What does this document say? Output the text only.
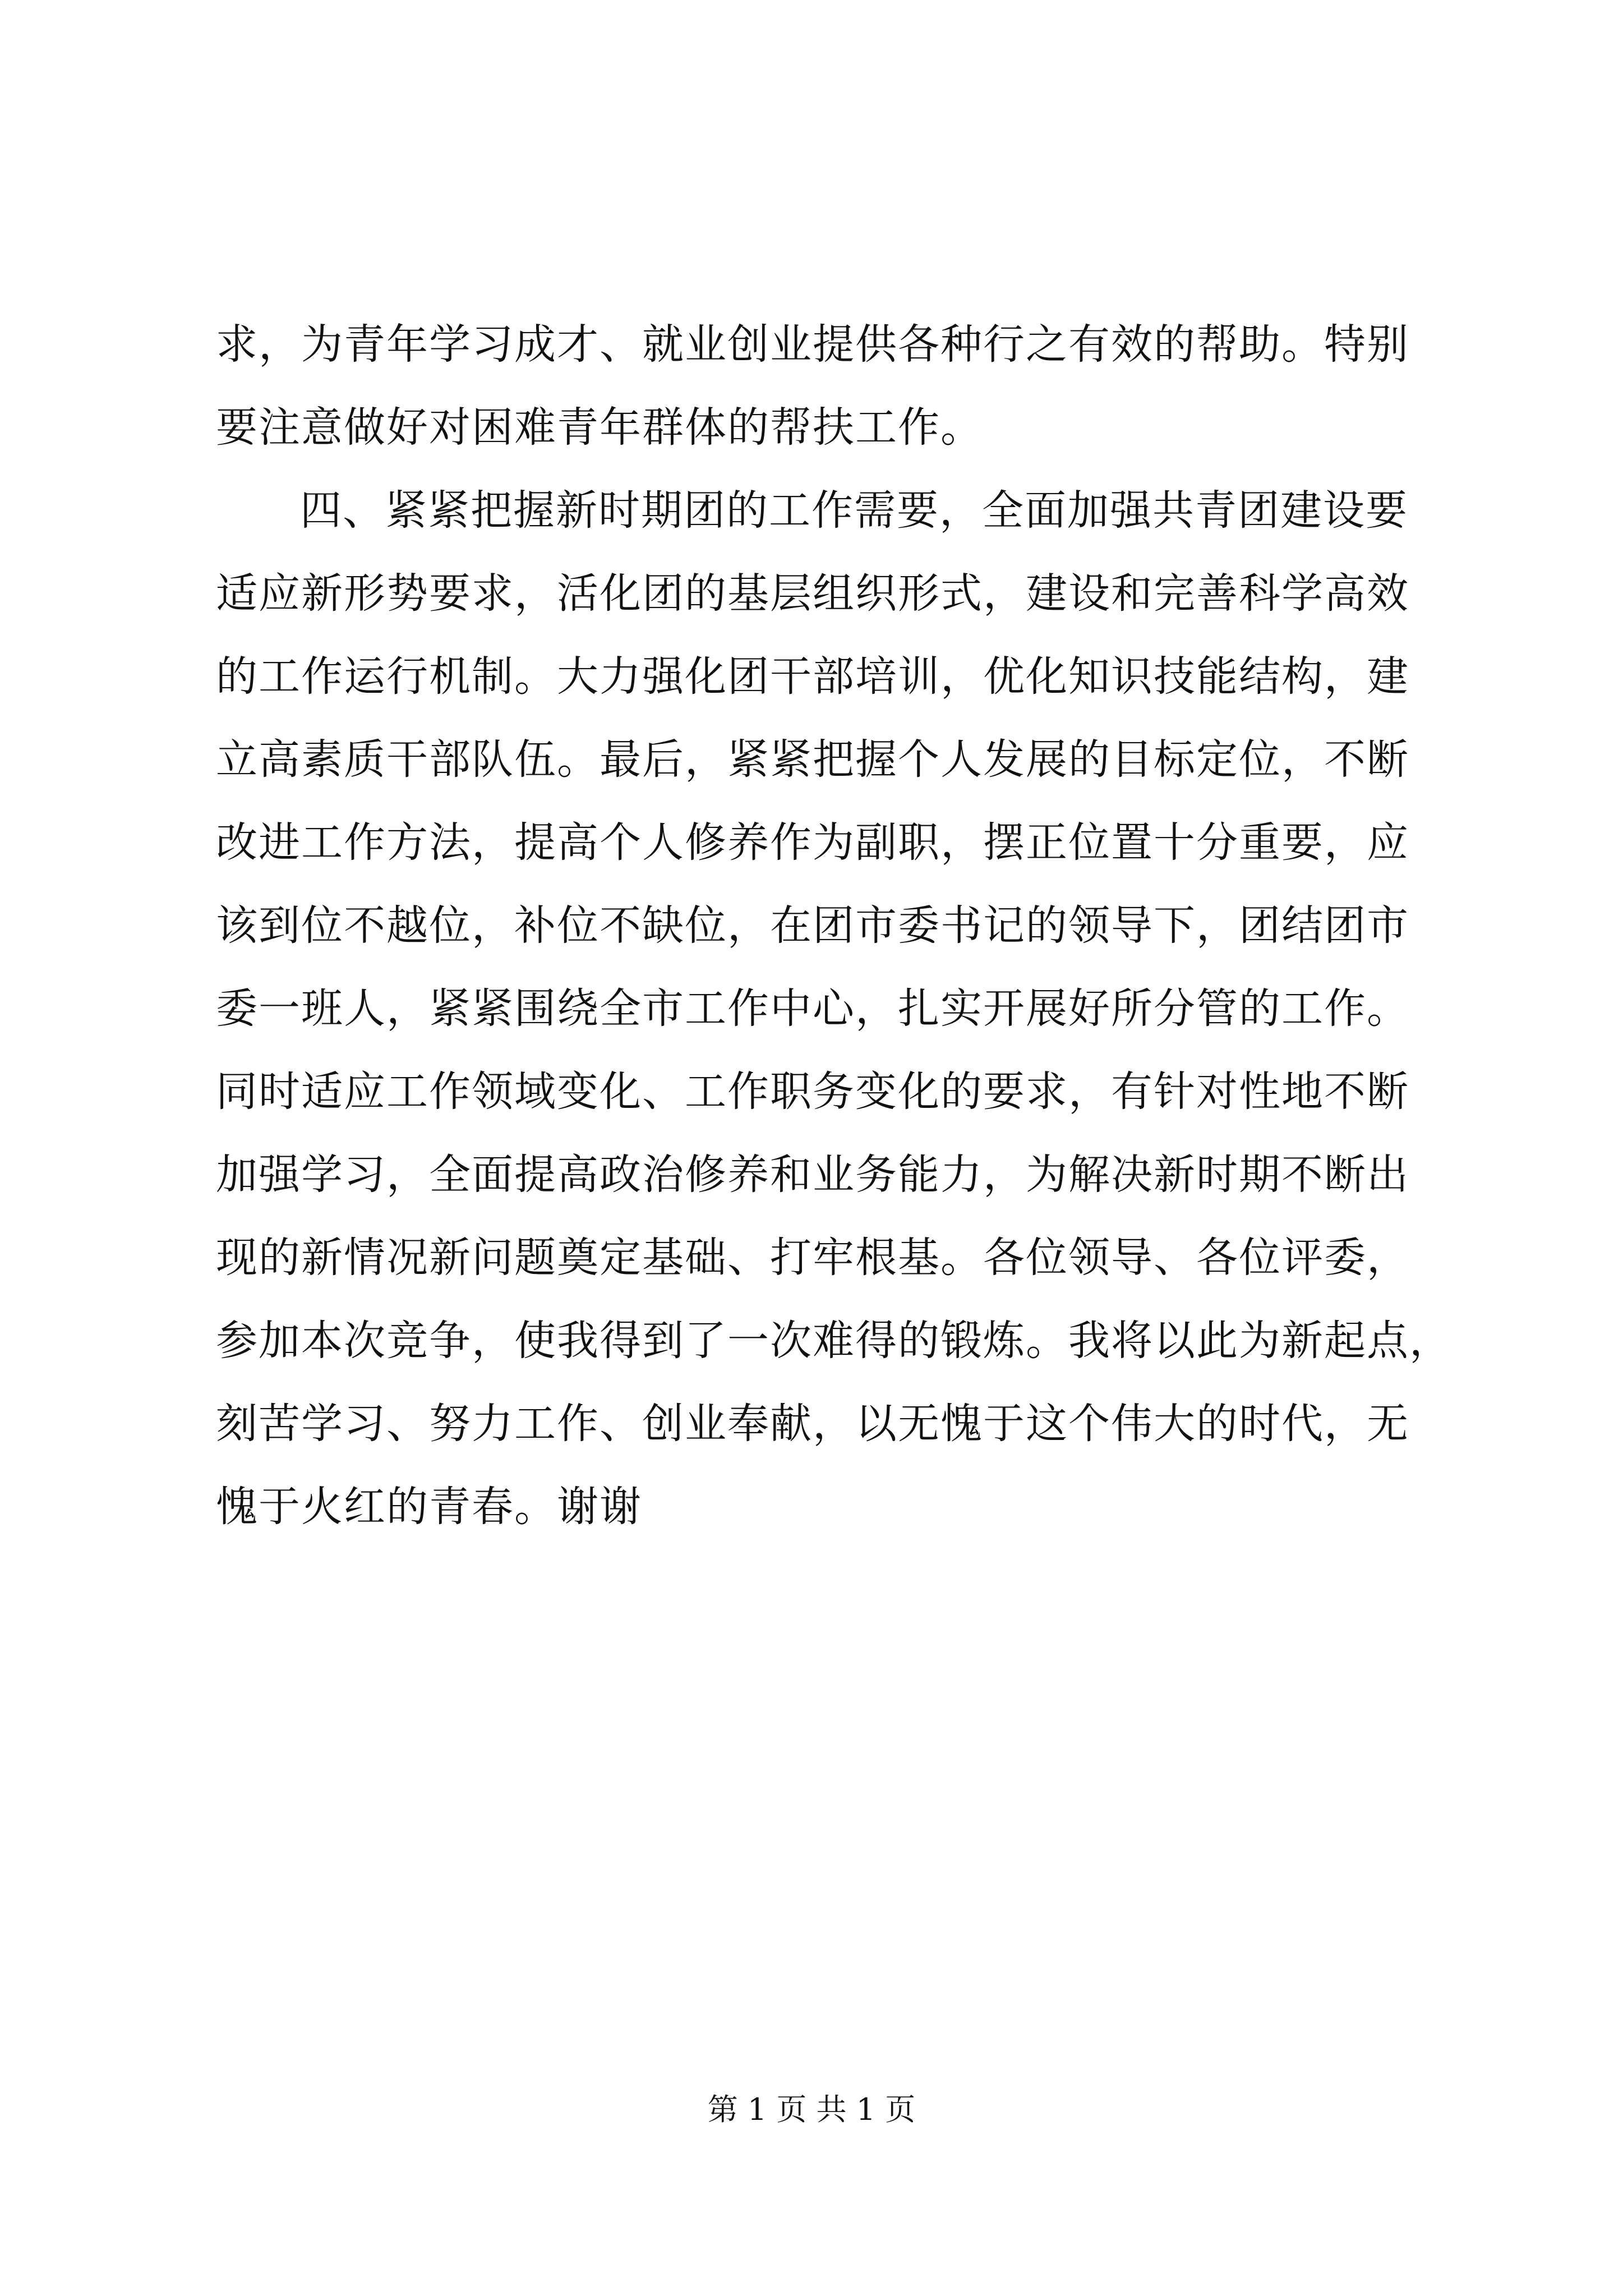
求，为青年学习成才、就业创业提供各种行之有效的帮助。特别
要注意做好对困难青年群体的帮扶工作。
四、紧紧把握新时期团的工作需要，全面加强共青团建设要
适应新形势要求，活化团的基层组织形式，建设和完善科学高效
的工作运行机制。大力强化团干部培训，优化知识技能结构，建
立高素质干部队伍。最后，紧紧把握个人发展的目标定位，不断
改进工作方法，提高个人修养作为副职，摆正位置十分重要，应
该到位不越位，补位不缺位，在团市委书记的领导下，团结团市
委一班人，紧紧围绕全市工作中心，扎实开展好所分管的工作。
同时适应工作领域变化、工作职务变化的要求，有针对性地不断
加强学习，全面提高政治修养和业务能力，为解决新时期不断出
现的新情况新问题奠定基础、打牢根基。各位领导、各位评委，
参加本次竞争，使我得到了一次难得的锻炼。我将以此为新起点，
刻苦学习、努力工作、创业奉献，以无愧于这个伟大的时代，无
愧于火红的青春。谢谢
第 1 页 共 1 页
